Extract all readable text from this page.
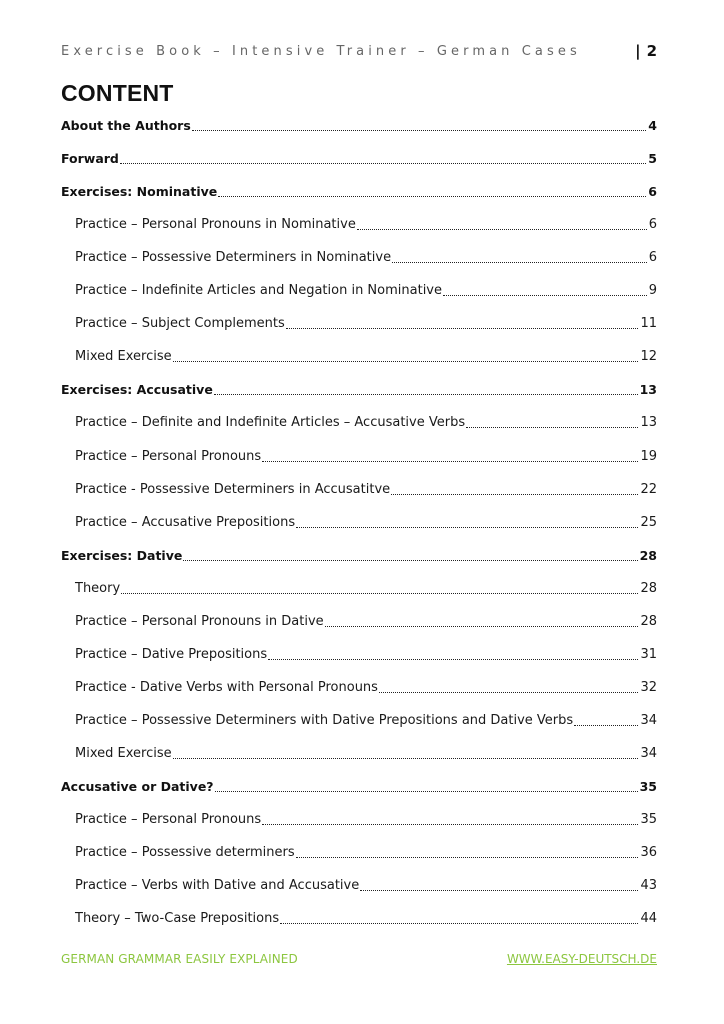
Exercise Book – Intensive Trainer – German Cases	| 2
CONTENT
About the Authors	4
Forward	5
Exercises: Nominative	6
Practice – Personal Pronouns in Nominative	6
Practice – Possessive Determiners in Nominative	6
Practice – Indefinite Articles and Negation in Nominative	9
Practice – Subject Complements	11
Mixed Exercise	12
Exercises: Accusative	13
Practice – Definite and Indefinite Articles – Accusative Verbs	13
Practice – Personal Pronouns	19
Practice - Possessive Determiners in Accusatitve	22
Practice – Accusative Prepositions	25
Exercises: Dative	28
Theory	28
Practice – Personal Pronouns in Dative	28
Practice – Dative Prepositions	31
Practice - Dative Verbs with Personal Pronouns	32
Practice – Possessive Determiners with Dative Prepositions and Dative Verbs	34
Mixed Exercise	34
Accusative or Dative?	35
Practice – Personal Pronouns	35
Practice – Possessive determiners	36
Practice – Verbs with Dative and Accusative	43
Theory – Two-Case Prepositions	44
GERMAN GRAMMAR EASILY EXPLAINED	WWW.EASY-DEUTSCH.DE
